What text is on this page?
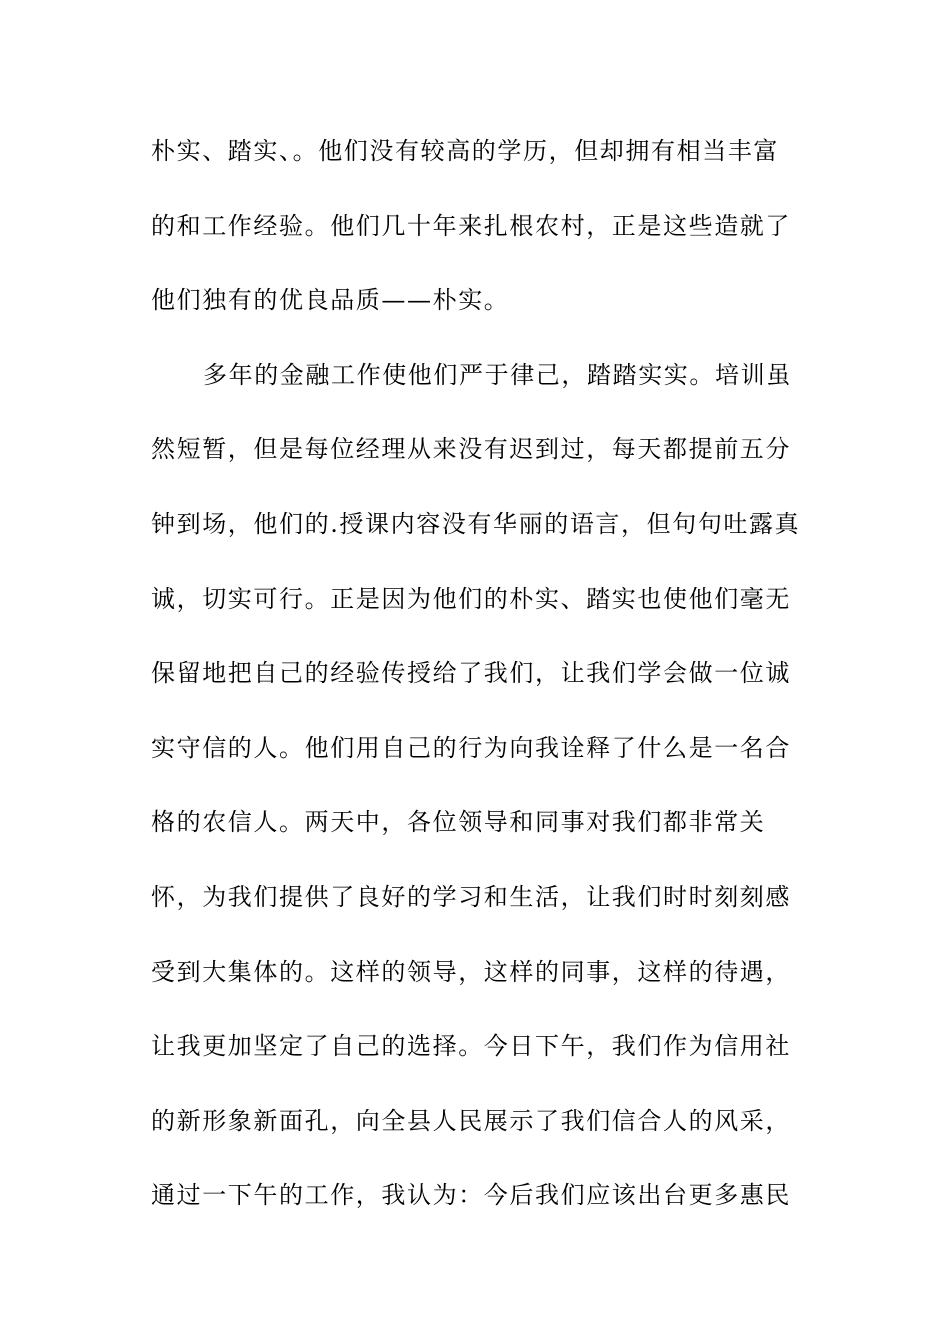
朴实、踏实、。他们没有较高的学历，但却拥有相当丰富
的和工作经验。他们几十年来扎根农村，正是这些造就了
他们独有的优良品质——朴实。
多年的金融工作使他们严于律己，踏踏实实。培训虽
然短暂，但是每位经理从来没有迟到过，每天都提前五分
钟到场，他们的.授课内容没有华丽的语言，但句句吐露真
诚，切实可行。正是因为他们的朴实、踏实也使他们毫无
保留地把自己的经验传授给了我们，让我们学会做一位诚
实守信的人。他们用自己的行为向我诠释了什么是一名合
格的农信人。两天中，各位领导和同事对我们都非常关
怀，为我们提供了良好的学习和生活，让我们时时刻刻感
受到大集体的。这样的领导，这样的同事，这样的待遇，
让我更加坚定了自己的选择。今日下午，我们作为信用社
的新形象新面孔，向全县人民展示了我们信合人的风采，
通过一下午的工作，我认为：今后我们应该出台更多惠民
